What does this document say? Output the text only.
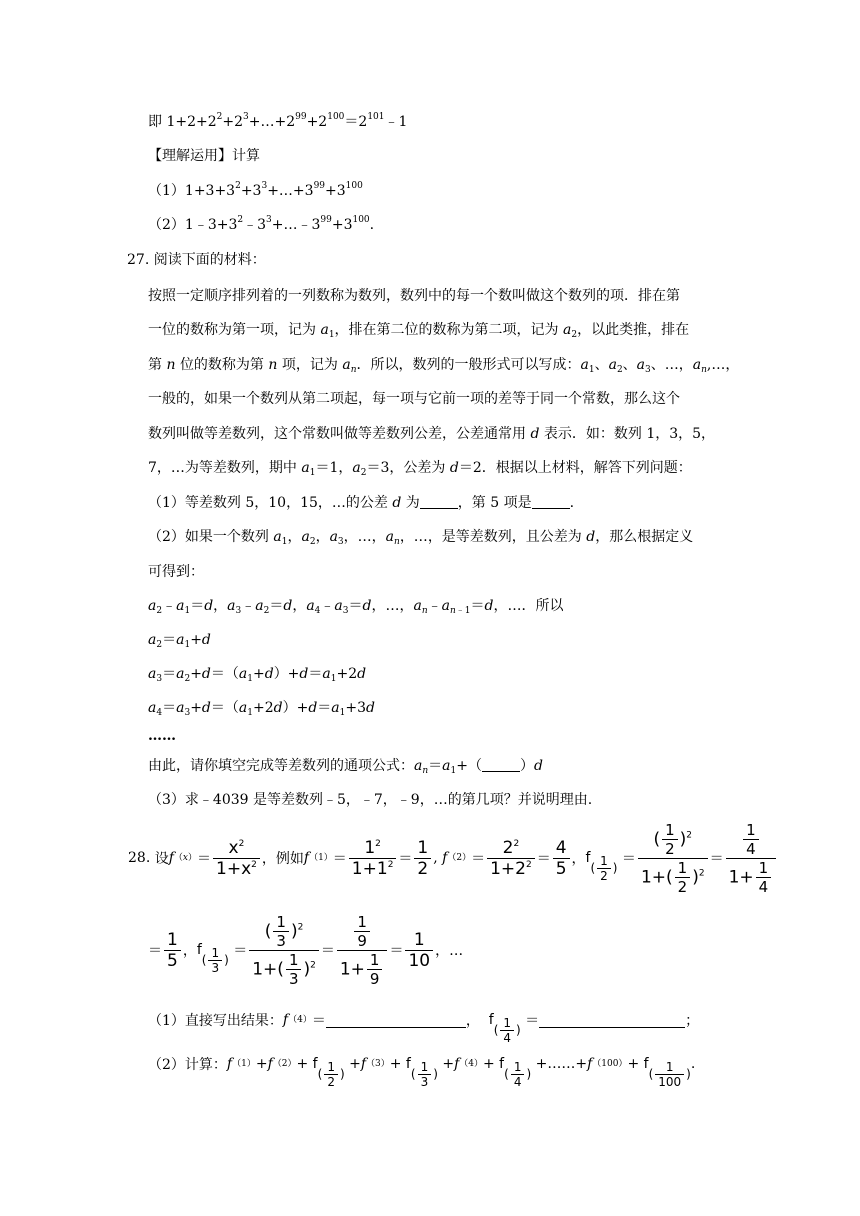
即 $1+2+2^2+2^3+\dots+2^{99}+2^{100}=2^{101}﹣1$
【理解运用】计算
$(1)1+3+3^2+3^3+\dots+3^{99}+3^{100}$
$(2)1﹣3+3^2﹣3^3+\dots﹣3^{99}+3^{100}$.
27. 阅读下面的材料：
按照一定顺序排列着的一列数称为数列，数列中的每一个数叫做这个数列的项．排在第
一位的数称为第一项，记为 $a_1$，排在第二位的数称为第二项，记为 $a_2$，以此类推，排在
第 n 位的数称为第 n 项，记为 $a_n$．所以，数列的一般形式可以写成：$a_1$、$a_2$、$a_3$、…，$a_n,\dots$，
一般的，如果一个数列从第二项起，每一项与它前一项的差等于同一个常数，那么这个
数列叫做等差数列，这个常数叫做等差数列公差，公差通常用 d 表示．如：数列 1，3，5，
7，…为等差数列，期中 $a_1=1$，$a_2=3$，公差为 d＝2．根据以上材料，解答下列问题：
（1）等差数列 5，10，15，…的公差 d 为	，第 5 项是	.
（2）如果一个数列 $a_1$，$a_2$，$a_3$，…，$a_n$，…，是等差数列，且公差为 d，那么根据定义
可得到：
$a_2﹣a_1=d$，$a_3﹣a_2=d$，$a_4﹣a_3=d$，…，$a_n﹣a_{n﹣1}=d$，…．所以
$a_2=a_1+d$
$a_3=a_2+d=(a_1+d)+d=a_1+2d$
$a_4=a_3+d=(a_1+2d)+d=a_1+3d$
……
由此，请你填空完成等差数列的通项公式：$a_n=a_1+$（	）d
（3）求﹣4039 是等差数列﹣5，﹣7，﹣9，…的第几项？并说明理由.
28.
设 f $(x) = \frac{x^2}{1+x^2}$ ，例如 f $(1) = \frac{1^2}{1+1^2} = \frac{1}{2}$ , f $(2) = \frac{2^2}{1+2^2} = \frac{4}{5}$ ， f
( $\frac{1}{2}$ )
＝ $\frac{( \frac{1}{2} )^2}{1+( \frac{1}{2} )^2} = \frac{\frac{1}{4}}{1+ \frac{1}{4}}$
＝ $\frac{1}{5}$ ， f
( $\frac{1}{3}$ )
＝ $\frac{( \frac{1}{3} )^2}{1+( \frac{1}{3} )^2} = \frac{\frac{1}{9}}{1+ \frac{1}{9}} = \frac{1}{10}$ ，…
（1）直接写出结果： f （4） ＝	， f
( $\frac{1}{4}$ )
＝	；
（2）计算： f （1） + f （2） + f
( $\frac{1}{2}$ )
+ f （3） + f
( $\frac{1}{3}$ )
+ f （4） + f
( $\frac{1}{4}$ )

+……+ f （100） + f
( $\frac{1}{100}$ )
.
